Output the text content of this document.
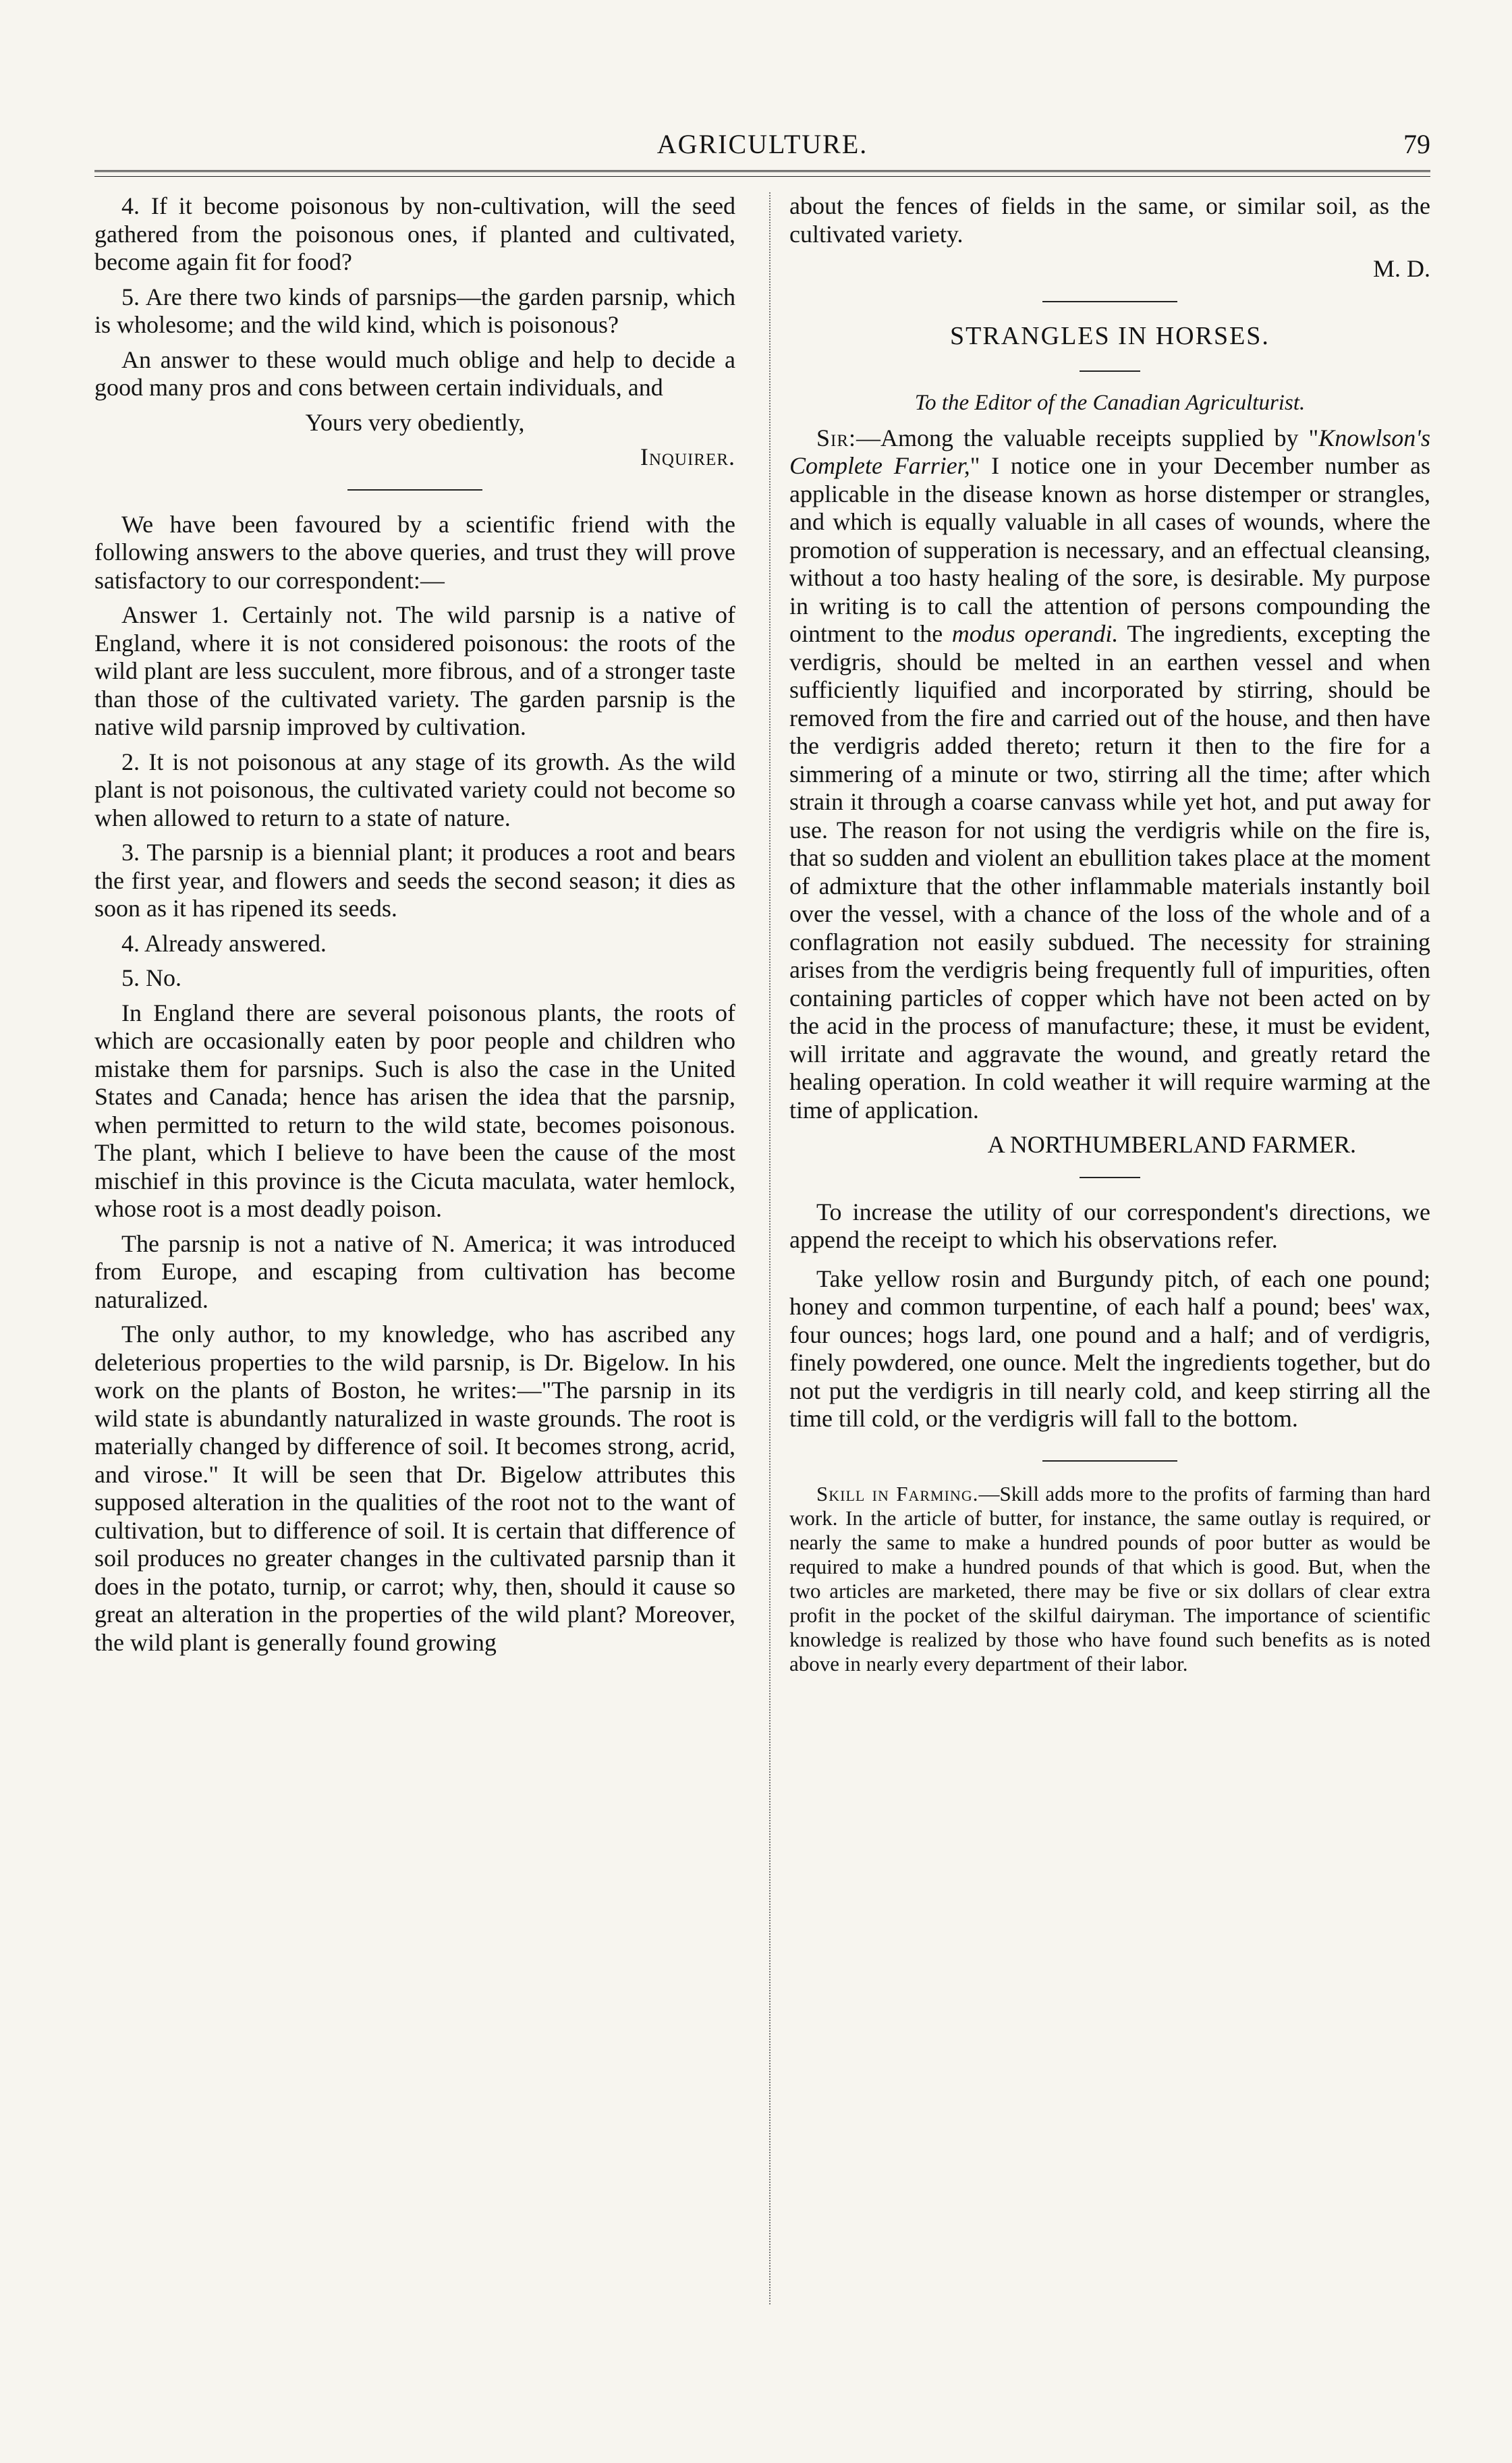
AGRICULTURE.	79

4. If it become poisonous by non-cultivation, will the seed gathered from the poisonous ones, if planted and cultivated, become again fit for food?

5. Are there two kinds of parsnips—the garden parsnip, which is wholesome; and the wild kind, which is poisonous?

An answer to these would much oblige and help to decide a good many pros and cons between certain individuals, and

Yours very obediently,

Inquirer.

We have been favoured by a scientific friend with the following answers to the above queries, and trust they will prove satisfactory to our correspondent:—

Answer 1. Certainly not. The wild parsnip is a native of England, where it is not considered poisonous: the roots of the wild plant are less succulent, more fibrous, and of a stronger taste than those of the cultivated variety. The garden parsnip is the native wild parsnip improved by cultivation.

2. It is not poisonous at any stage of its growth. As the wild plant is not poisonous, the cultivated variety could not become so when allowed to return to a state of nature.

3. The parsnip is a biennial plant; it produces a root and bears the first year, and flowers and seeds the second season; it dies as soon as it has ripened its seeds.

4. Already answered.

5. No.

In England there are several poisonous plants, the roots of which are occasionally eaten by poor people and children who mistake them for parsnips. Such is also the case in the United States and Canada; hence has arisen the idea that the parsnip, when permitted to return to the wild state, becomes poisonous. The plant, which I believe to have been the cause of the most mischief in this province is the Cicuta maculata, water hemlock, whose root is a most deadly poison.

The parsnip is not a native of N. America; it was introduced from Europe, and escaping from cultivation has become naturalized.

The only author, to my knowledge, who has ascribed any deleterious properties to the wild parsnip, is Dr. Bigelow. In his work on the plants of Boston, he writes:—"The parsnip in its wild state is abundantly naturalized in waste grounds. The root is materially changed by difference of soil. It becomes strong, acrid, and virose." It will be seen that Dr. Bigelow attributes this supposed alteration in the qualities of the root not to the want of cultivation, but to difference of soil. It is certain that difference of soil produces no greater changes in the cultivated parsnip than it does in the potato, turnip, or carrot; why, then, should it cause so great an alteration in the properties of the wild plant? Moreover, the wild plant is generally found growing

about the fences of fields in the same, or similar soil, as the cultivated variety.

M. D.

STRANGLES IN HORSES.
To the Editor of the Canadian Agriculturist.

Sir:—Among the valuable receipts supplied by "Knowlson's Complete Farrier," I notice one in your December number as applicable in the disease known as horse distemper or strangles, and which is equally valuable in all cases of wounds, where the promotion of supperation is necessary, and an effectual cleansing, without a too hasty healing of the sore, is desirable. My purpose in writing is to call the attention of persons compounding the ointment to the modus operandi. The ingredients, excepting the verdigris, should be melted in an earthen vessel and when sufficiently liquified and incorporated by stirring, should be removed from the fire and carried out of the house, and then have the verdigris added thereto; return it then to the fire for a simmering of a minute or two, stirring all the time; after which strain it through a coarse canvass while yet hot, and put away for use. The reason for not using the verdigris while on the fire is, that so sudden and violent an ebullition takes place at the moment of admixture that the other inflammable materials instantly boil over the vessel, with a chance of the loss of the whole and of a conflagration not easily subdued. The necessity for straining arises from the verdigris being frequently full of impurities, often containing particles of copper which have not been acted on by the acid in the process of manufacture; these, it must be evident, will irritate and aggravate the wound, and greatly retard the healing operation. In cold weather it will require warming at the time of application.

A NORTHUMBERLAND FARMER.

To increase the utility of our correspondent's directions, we append the receipt to which his observations refer.

Take yellow rosin and Burgundy pitch, of each one pound; honey and common turpentine, of each half a pound; bees' wax, four ounces; hogs lard, one pound and a half; and of verdigris, finely powdered, one ounce. Melt the ingredients together, but do not put the verdigris in till nearly cold, and keep stirring all the time till cold, or the verdigris will fall to the bottom.

Skill in Farming.—Skill adds more to the profits of farming than hard work. In the article of butter, for instance, the same outlay is required, or nearly the same to make a hundred pounds of poor butter as would be required to make a hundred pounds of that which is good. But, when the two articles are marketed, there may be five or six dollars of clear extra profit in the pocket of the skilful dairyman. The importance of scientific knowledge is realized by those who have found such benefits as is noted above in nearly every department of their labor.
